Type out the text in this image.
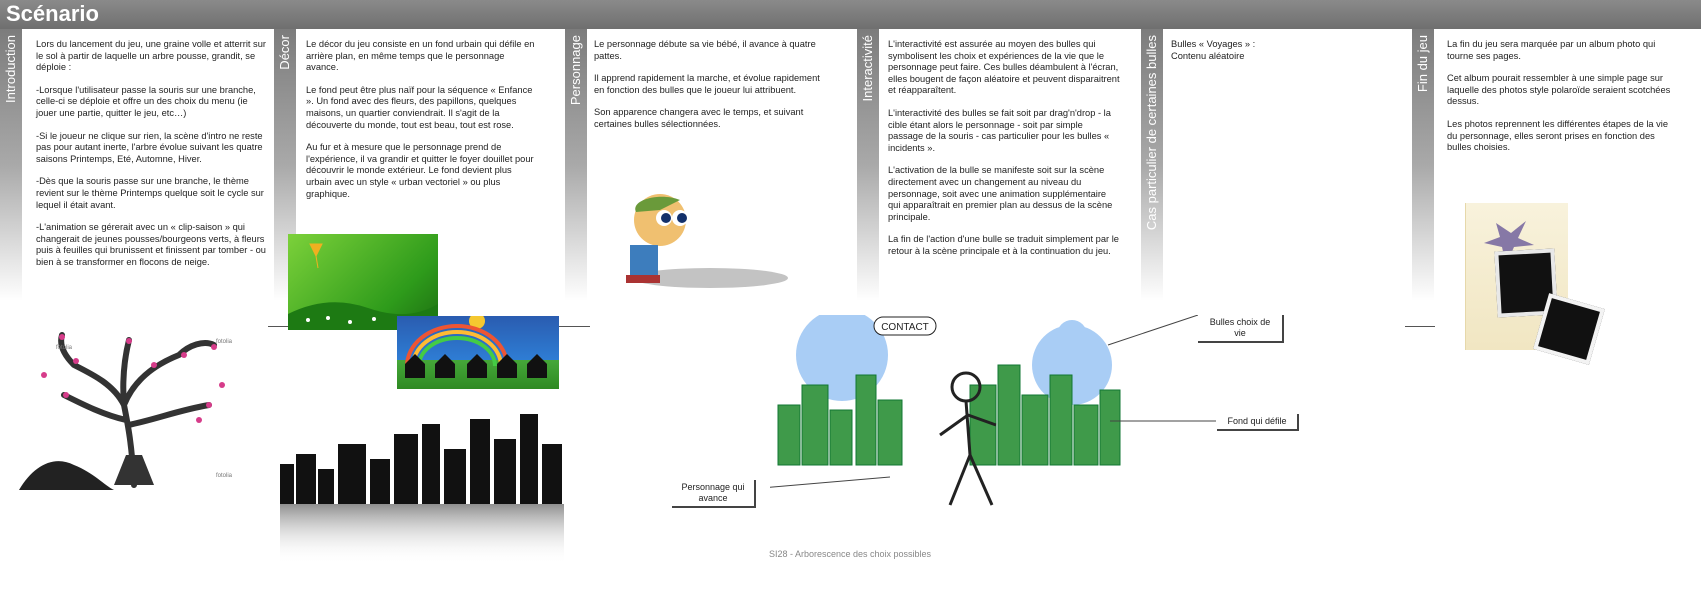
Scénario
Introduction	Décor	Personnage	Interactivité	Cas particulier de certaines bulles	Fin du jeu

Lors du lancement du jeu, une graine volle et atterrit sur le sol à partir de laquelle un arbre pousse, grandit, se déploie :

-Lorsque l'utilisateur passe la souris sur une branche, celle-ci se déploie et offre un des choix du menu (ie jouer une partie, quitter le jeu, etc…)

-Si le joueur ne clique sur rien, la scène d'intro ne reste pas pour autant inerte, l'arbre évolue suivant les quatre saisons Printemps, Eté, Automne, Hiver.

-Dès que la souris passe sur une branche, le thème revient sur le thème Printemps quelque soit le cycle sur lequel il était avant.

-L'animation se gérerait avec un « clip-saison » qui changerait de jeunes pousses/bourgeons verts, à fleurs puis à feuilles qui brunissent et finissent par tomber - ou bien à se transformer en flocons de neige.

Le décor du jeu consiste en un fond urbain qui défile en arrière plan, en même temps que le personnage avance.

Le fond peut être plus naïf pour la séquence « Enfance ». Un fond avec des fleurs, des papillons, quelques maisons, un quartier conviendrait. Il s'agit de la découverte du monde, tout est beau, tout est rose.

Au fur et à mesure que le personnage prend de l'expérience, il va grandir et quitter le foyer douillet pour découvrir le monde extérieur. Le fond devient plus urbain avec un style « urban vectoriel » ou plus graphique.

Le personnage débute sa vie bébé, il avance à quatre pattes.

Il apprend rapidement la marche, et évolue rapidement en fonction des bulles que le joueur lui attribuent.

Son apparence changera avec le temps, et suivant certaines bulles sélectionnées.

L'interactivité est assurée au moyen des bulles qui symbolisent les choix et expériences de la vie que le personnage peut faire. Ces bulles déambulent à l'écran, elles bougent de façon aléatoire et peuvent disparaitrent et réapparaîtent.

L'interactivité des bulles se fait soit par drag'n'drop - la cible étant alors le personnage - soit par simple passage de la souris - cas particulier pour les bulles « incidents ».

L'activation de la bulle se manifeste soit sur la scène directement avec un changement au niveau du personnage, soit avec une animation supplémentaire qui apparaîtrait en premier plan au dessus de la scène principale.

La fin de l'action d'une bulle se traduit simplement par le retour à la scène principale et à la continuation du jeu.

Bulles « Voyages » : Contenu aléatoire

La fin du jeu sera marquée par un album photo qui tourne ses pages.

Cet album pourait ressembler à une simple page sur laquelle des photos style polaroïde seraient scotchées dessus.

Les photos reprennent les différentes étapes de la vie du personnage, elles seront prises en fonction des bulles choisies.

fotolia
fotolia
fotolia
CONTACT	Bulles choix de vie
Fond qui défile
Personnage qui avance
SI28 - Arborescence des choix possibles
